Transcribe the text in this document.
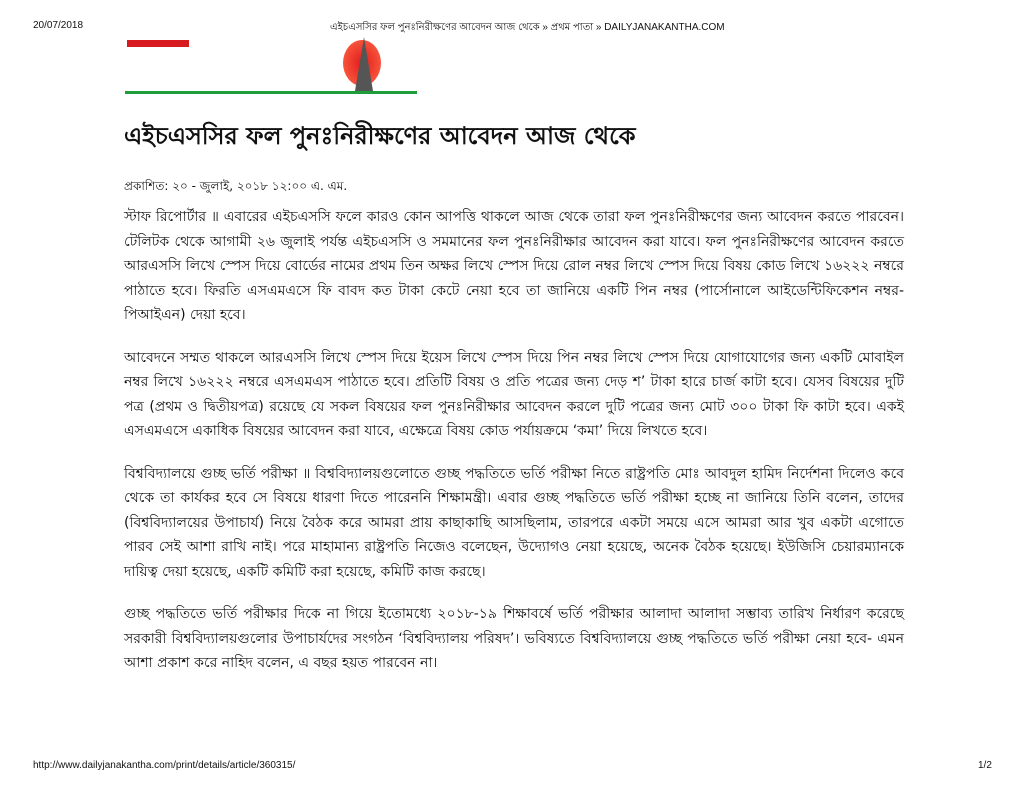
20/07/2018	এইচএসসির ফল পুনঃনিরীক্ষণের আবেদন আজ থেকে » প্রথম পাতা » DAILYJANAKANTHA.COM
এইচএসসির ফল পুনঃনিরীক্ষণের আবেদন আজ থেকে
প্রকাশিত: ২০ - জুলাই, ২০১৮ ১২:০০ এ. এম.

স্টাফ রিপোর্টার ॥ এবারের এইচএসসি ফলে কারও কোন আপত্তি থাকলে আজ থেকে তারা ফল পুনঃনিরীক্ষণের জন্য আবেদন করতে পারবেন। টেলিটক থেকে আগামী ২৬ জুলাই পর্যন্ত এইচএসসি ও সমমানের ফল পুনঃনিরীক্ষার আবেদন করা যাবে। ফল পুনঃনিরীক্ষণের আবেদন করতে আরএসসি লিখে স্পেস দিয়ে বোর্ডের নামের প্রথম তিন অক্ষর লিখে স্পেস দিয়ে রোল নম্বর লিখে স্পেস দিয়ে বিষয় কোড লিখে ১৬২২২ নম্বরে পাঠাতে হবে। ফিরতি এসএমএসে ফি বাবদ কত টাকা কেটে নেয়া হবে তা জানিয়ে একটি পিন নম্বর (পার্সোনালে আইডেন্টিফিকেশন নম্বর-পিআইএন) দেয়া হবে।

আবেদনে সম্মত থাকলে আরএসসি লিখে স্পেস দিয়ে ইয়েস লিখে স্পেস দিয়ে পিন নম্বর লিখে স্পেস দিয়ে যোগাযোগের জন্য একটি মোবাইল নম্বর লিখে ১৬২২২ নম্বরে এসএমএস পাঠাতে হবে। প্রতিটি বিষয় ও প্রতি পত্রের জন্য দেড় শ’ টাকা হারে চার্জ কাটা হবে। যেসব বিষয়ের দুটি পত্র (প্রথম ও দ্বিতীয়পত্র) রয়েছে যে সকল বিষয়ের ফল পুনঃনিরীক্ষার আবেদন করলে দুটি পত্রের জন্য মোট ৩০০ টাকা ফি কাটা হবে। একই এসএমএসে একাধিক বিষয়ের আবেদন করা যাবে, এক্ষেত্রে বিষয় কোড পর্যায়ক্রমে ‘কমা’ দিয়ে লিখতে হবে।

বিশ্ববিদ্যালয়ে গুচ্ছ ভর্তি পরীক্ষা ॥ বিশ্ববিদ্যালয়গুলোতে গুচ্ছ পদ্ধতিতে ভর্তি পরীক্ষা নিতে রাষ্ট্রপতি মোঃ আবদুল হামিদ নির্দেশনা দিলেও কবে থেকে তা কার্যকর হবে সে বিষয়ে ধারণা দিতে পারেননি শিক্ষামন্ত্রী। এবার গুচ্ছ পদ্ধতিতে ভর্তি পরীক্ষা হচ্ছে না জানিয়ে তিনি বলেন, তাদের (বিশ্ববিদ্যালয়ের উপাচার্য) নিয়ে বৈঠক করে আমরা প্রায় কাছাকাছি আসছিলাম, তারপরে একটা সময়ে এসে আমরা আর খুব একটা এগোতে পারব সেই আশা রাখি নাই। পরে মাহামান্য রাষ্ট্রপতি নিজেও বলেছেন, উদ্যোগও নেয়া হয়েছে, অনেক বৈঠক হয়েছে। ইউজিসি চেয়ারম্যানকে দায়িত্ব দেয়া হয়েছে, একটি কমিটি করা হয়েছে, কমিটি কাজ করছে।

গুচ্ছ পদ্ধতিতে ভর্তি পরীক্ষার দিকে না গিয়ে ইতোমধ্যে ২০১৮-১৯ শিক্ষাবর্ষে ভর্তি পরীক্ষার আলাদা আলাদা সম্ভাব্য তারিখ নির্ধারণ করেছে সরকারী বিশ্ববিদ্যালয়গুলোর উপাচার্যদের সংগঠন ‘বিশ্ববিদ্যালয় পরিষদ’। ভবিষ্যতে বিশ্ববিদ্যালয়ে গুচ্ছ পদ্ধতিতে ভর্তি পরীক্ষা নেয়া হবে- এমন আশা প্রকাশ করে নাহিদ বলেন, এ বছর হয়ত পারবেন না।

http://www.dailyjanakantha.com/print/details/article/360315/	1/2
